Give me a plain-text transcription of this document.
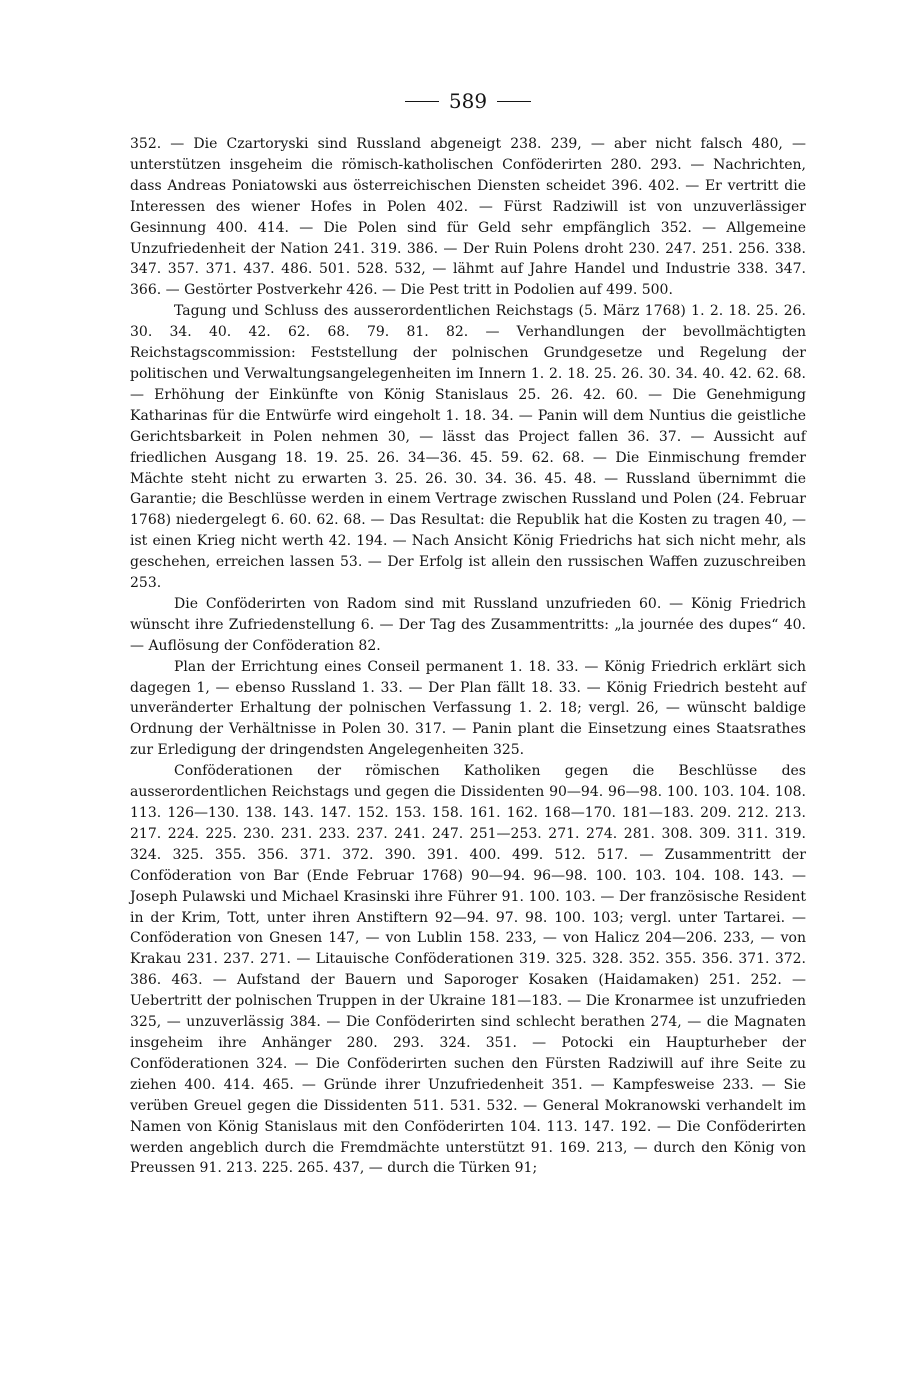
589

352. — Die Czartoryski sind Russland abgeneigt 238. 239, — aber nicht falsch 480, — unterstützen insgeheim die römisch-katholischen Conföderirten 280. 293. — Nachrichten, dass Andreas Poniatowski aus österreichischen Diensten scheidet 396. 402. — Er vertritt die Interessen des wiener Hofes in Polen 402. — Fürst Radziwill ist von unzuverlässiger Gesinnung 400. 414. — Die Polen sind für Geld sehr empfänglich 352. — Allgemeine Unzufriedenheit der Nation 241. 319. 386. — Der Ruin Polens droht 230. 247. 251. 256. 338. 347. 357. 371. 437. 486. 501. 528. 532, — lähmt auf Jahre Handel und Industrie 338. 347. 366. — Gestörter Postverkehr 426. — Die Pest tritt in Podolien auf 499. 500.

Tagung und Schluss des ausserordentlichen Reichstags (5. März 1768) 1. 2. 18. 25. 26. 30. 34. 40. 42. 62. 68. 79. 81. 82. — Verhandlungen der bevollmächtigten Reichstagscommission: Feststellung der polnischen Grundgesetze und Regelung der politischen und Verwaltungsangelegenheiten im Innern 1. 2. 18. 25. 26. 30. 34. 40. 42. 62. 68. — Erhöhung der Einkünfte von König Stanislaus 25. 26. 42. 60. — Die Genehmigung Katharinas für die Entwürfe wird eingeholt 1. 18. 34. — Panin will dem Nuntius die geistliche Gerichtsbarkeit in Polen nehmen 30, — lässt das Project fallen 36. 37. — Aussicht auf friedlichen Ausgang 18. 19. 25. 26. 34—36. 45. 59. 62. 68. — Die Einmischung fremder Mächte steht nicht zu erwarten 3. 25. 26. 30. 34. 36. 45. 48. — Russland übernimmt die Garantie; die Beschlüsse werden in einem Vertrage zwischen Russland und Polen (24. Februar 1768) niedergelegt 6. 60. 62. 68. — Das Resultat: die Republik hat die Kosten zu tragen 40, — ist einen Krieg nicht werth 42. 194. — Nach Ansicht König Friedrichs hat sich nicht mehr, als geschehen, erreichen lassen 53. — Der Erfolg ist allein den russischen Waffen zuzuschreiben 253.

Die Conföderirten von Radom sind mit Russland unzufrieden 60. — König Friedrich wünscht ihre Zufriedenstellung 6. — Der Tag des Zusammentritts: „la journée des dupes“ 40. — Auflösung der Conföderation 82.

Plan der Errichtung eines Conseil permanent 1. 18. 33. — König Friedrich erklärt sich dagegen 1, — ebenso Russland 1. 33. — Der Plan fällt 18. 33. — König Friedrich besteht auf unveränderter Erhaltung der polnischen Verfassung 1. 2. 18; vergl. 26, — wünscht baldige Ordnung der Verhältnisse in Polen 30. 317. — Panin plant die Einsetzung eines Staatsrathes zur Erledigung der dringendsten Angelegenheiten 325.

Conföderationen der römischen Katholiken gegen die Beschlüsse des ausserordentlichen Reichstags und gegen die Dissidenten 90—94. 96—98. 100. 103. 104. 108. 113. 126—130. 138. 143. 147. 152. 153. 158. 161. 162. 168—170. 181—183. 209. 212. 213. 217. 224. 225. 230. 231. 233. 237. 241. 247. 251—253. 271. 274. 281. 308. 309. 311. 319. 324. 325. 355. 356. 371. 372. 390. 391. 400. 499. 512. 517. — Zusammentritt der Conföderation von Bar (Ende Februar 1768) 90—94. 96—98. 100. 103. 104. 108. 143. — Joseph Pulawski und Michael Krasinski ihre Führer 91. 100. 103. — Der französische Resident in der Krim, Tott, unter ihren Anstiftern 92—94. 97. 98. 100. 103; vergl. unter Tartarei. — Conföderation von Gnesen 147, — von Lublin 158. 233, — von Halicz 204—206. 233, — von Krakau 231. 237. 271. — Litauische Conföderationen 319. 325. 328. 352. 355. 356. 371. 372. 386. 463. — Aufstand der Bauern und Saporoger Kosaken (Haidamaken) 251. 252. — Uebertritt der polnischen Truppen in der Ukraine 181—183. — Die Kronarmee ist unzufrieden 325, — unzuverlässig 384. — Die Conföderirten sind schlecht berathen 274, — die Magnaten insgeheim ihre Anhänger 280. 293. 324. 351. — Potocki ein Haupturheber der Conföderationen 324. — Die Conföderirten suchen den Fürsten Radziwill auf ihre Seite zu ziehen 400. 414. 465. — Gründe ihrer Unzufriedenheit 351. — Kampfesweise 233. — Sie verüben Greuel gegen die Dissidenten 511. 531. 532. — General Mokranowski verhandelt im Namen von König Stanislaus mit den Conföderirten 104. 113. 147. 192. — Die Conföderirten werden angeblich durch die Fremdmächte unterstützt 91. 169. 213, — durch den König von Preussen 91. 213. 225. 265. 437, — durch die Türken 91;
